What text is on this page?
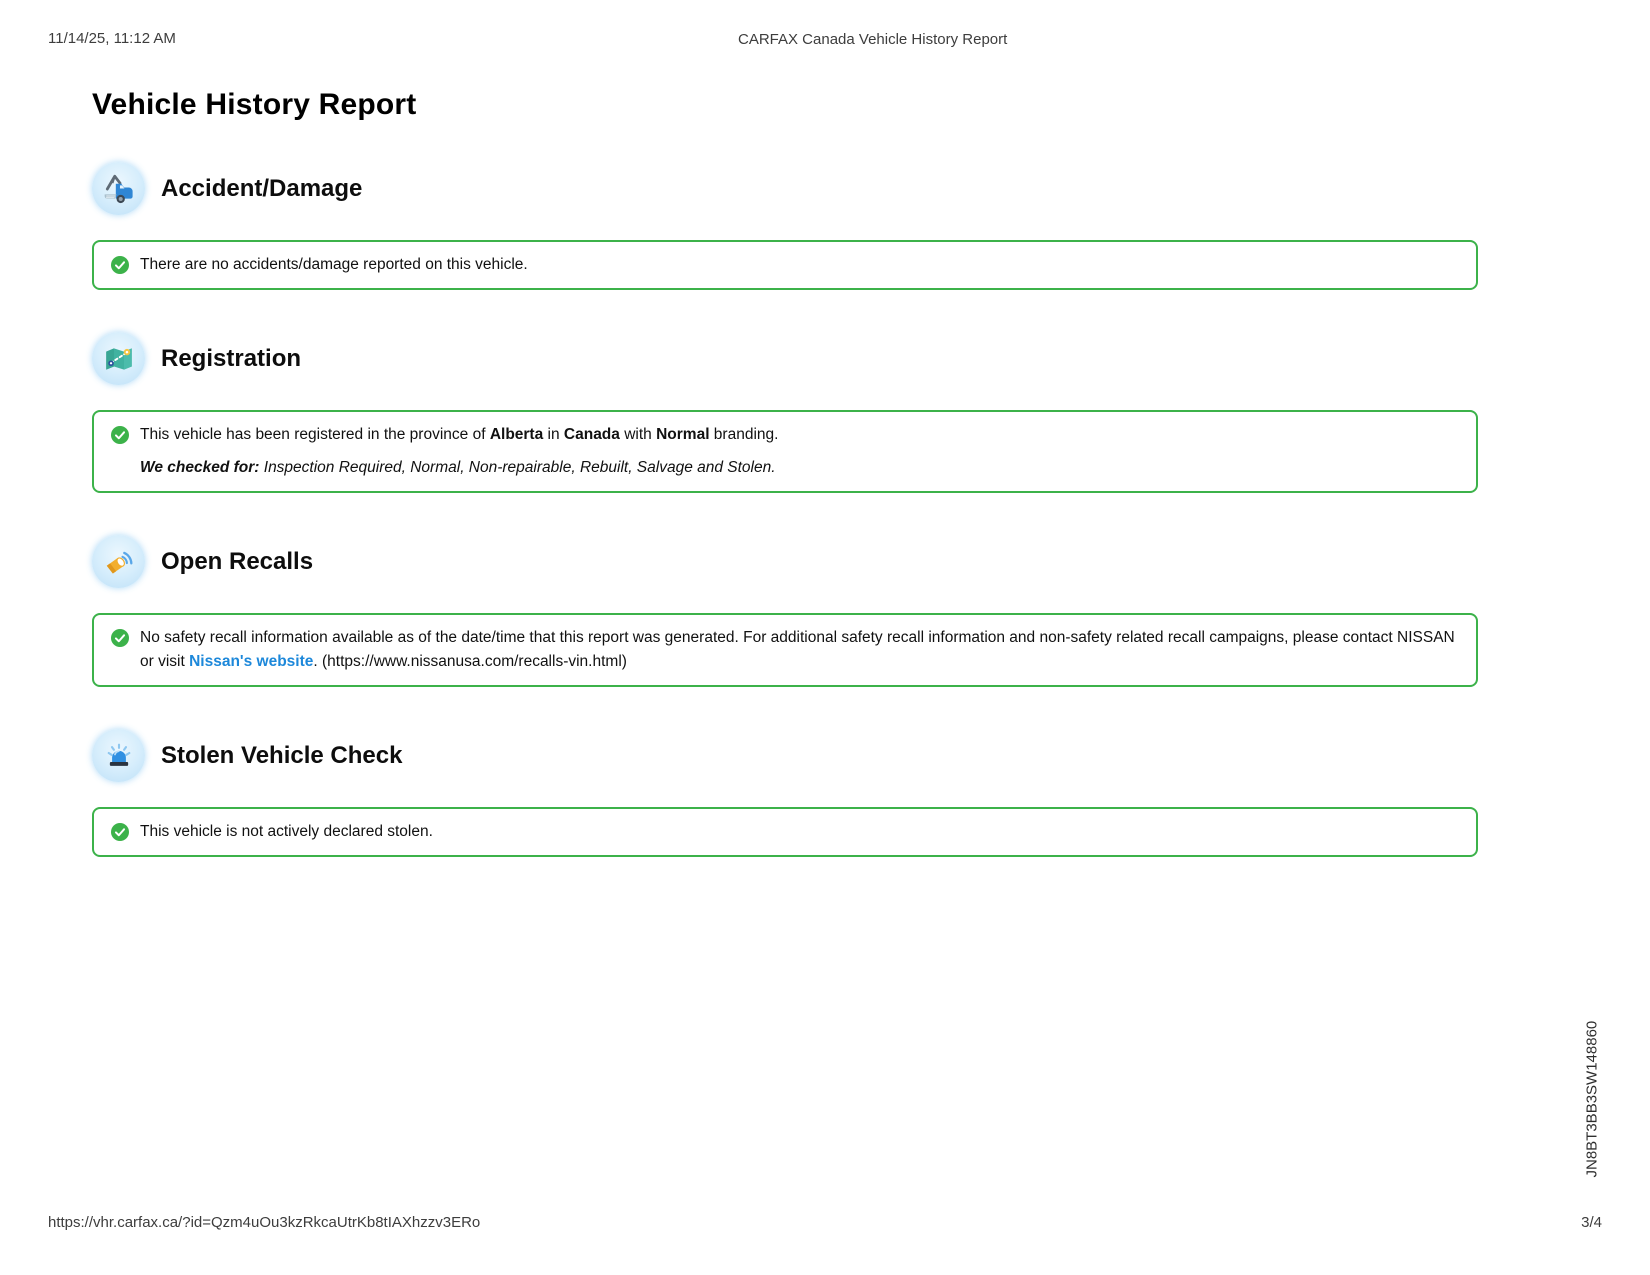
11/14/25, 11:12 AM	CARFAX Canada Vehicle History Report
Vehicle History Report
Accident/Damage

There are no accidents/damage reported on this vehicle.

Registration

This vehicle has been registered in the province of Alberta in Canada with Normal branding.

We checked for: Inspection Required, Normal, Non-repairable, Rebuilt, Salvage and Stolen.

Open Recalls

No safety recall information available as of the date/time that this report was generated. For additional safety recall information and non-safety related recall campaigns, please contact NISSAN or visit Nissan's website. (https://www.nissanusa.com/recalls-vin.html)

Stolen Vehicle Check

This vehicle is not actively declared stolen.

JN8BT3BB3SW148860
https://vhr.carfax.ca/?id=Qzm4uOu3kzRkcaUtrKb8tIAXhzzv3ERo	3/4
